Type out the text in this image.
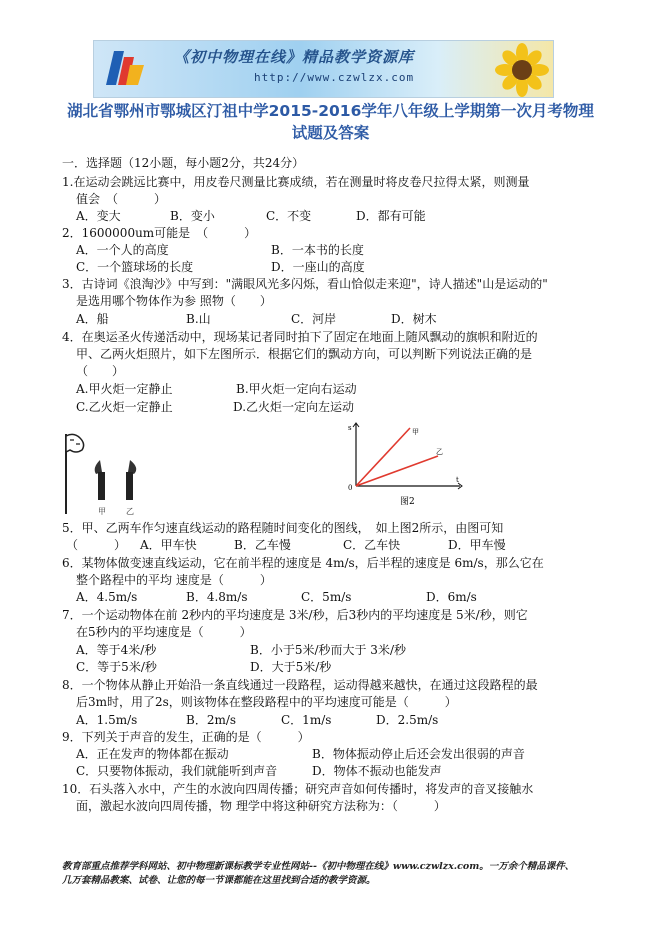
《初中物理在线》精品教学资源库
http://www.czwlzx.com
湖北省鄂州市鄂城区汀祖中学2015-2016学年八年级上学期第一次月考物理
试题及答案
一．选择题（12小题，每小题2分，共24分）
1.在运动会跳远比赛中，用皮卷尺测量比赛成绩，若在测量时将皮卷尺拉得太紧，则测量
值会　（　　　）
A．变大	B．变小	C．不变	D．都有可能
2．1600000um可能是　（　　　）
A．一个人的高度	B．一本书的长度
C．一个篮球场的长度	D．一座山的高度
3．古诗词《浪淘沙》中写到："满眼风光多闪烁，看山恰似走来迎"，诗人描述"山是运动的"
是选用哪个物体作为参 照物（　　）
A．船	B.山	C．河岸	D．树木
4．在奥运圣火传递活动中，现场某记者同时拍下了固定在地面上随风飘动的旗帜和附近的
甲、乙两火炬照片，如下左图所示．根据它们的飘动方向，可以判断下列说法正确的是
（　　）
A.甲火炬一定静止	B.甲火炬一定向右运动
C.乙火炬一定静止	D.乙火炬一定向左运动
甲	乙
s
t
0
甲
乙
图2
5．甲、乙两车作匀速直线运动的路程随时间变化的图线，　如上图2所示，由图可知
（　　　） A．甲车快	B．乙车慢	C．乙车快	D．甲车慢
6．某物体做变速直线运动，它在前半程的速度是 4m/s，后半程的速度是 6m/s，那么它在
整个路程中的平均 速度是（　　　）
A．4.5m/s	B．4.8m/s	C．5m/s	D．6m/s
7．一个运动物体在前 2秒内的平均速度是 3米/秒，后3秒内的平均速度是 5米/秒，则它
在5秒内的平均速度是（　　　）
A．等于4米/秒	B．小于5米/秒而大于 3米/秒
C．等于5米/秒	D．大于5米/秒
8．一个物体从静止开始沿一条直线通过一段路程，运动得越来越快，在通过这段路程的最
后3m时，用了2s，则该物体在整段路程中的平均速度可能是（　　　）
A．1.5m/s	B．2m/s	C．1m/s	D．2.5m/s
9．下列关于声音的发生，正确的是（　　　）
A．正在发声的物体都在振动	B．物体振动停止后还会发出很弱的声音
C．只要物体振动，我们就能听到声音	D．物体不振动也能发声
10．石头落入水中，产生的水波向四周传播；研究声音如何传播时，将发声的音叉接触水
面，激起水波向四周传播，物 理学中将这种研究方法称为：（　　　）
教育部重点推荐学科网站、初中物理新课标教学专业性网站--《初中物理在线》www.czwlzx.com。一万余个精品课件、
几万套精品教案、试卷、让您的每一节课都能在这里找到合适的教学资源。
